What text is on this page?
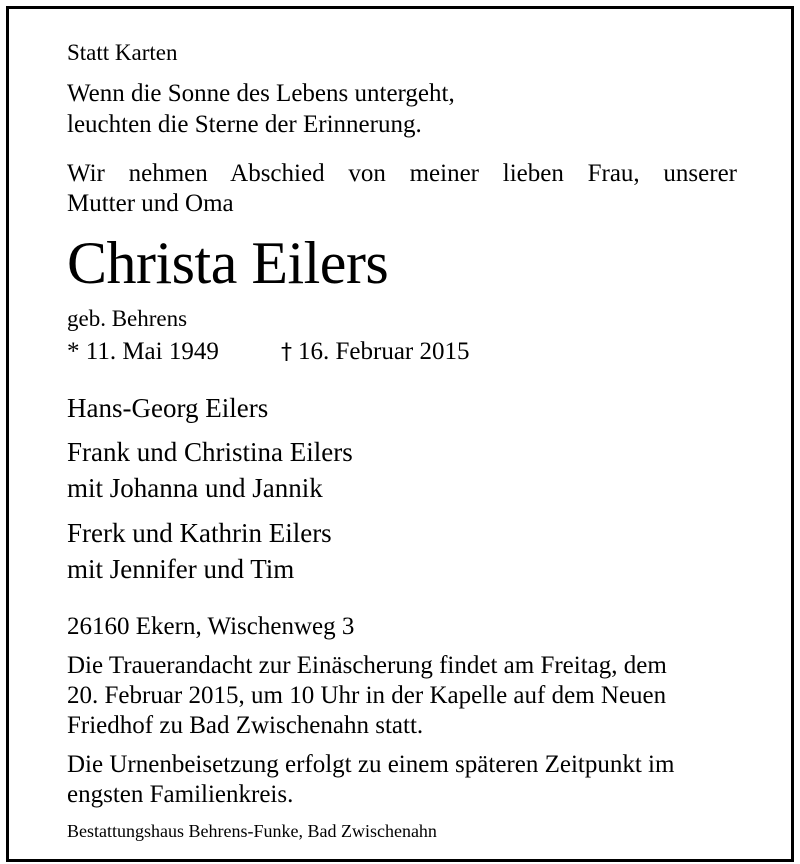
Statt Karten
Wenn die Sonne des Lebens untergeht,
leuchten die Sterne der Erinnerung.
Wir nehmen Abschied von meiner lieben Frau, unserer
Mutter und Oma
Christa Eilers
geb. Behrens
* 11. Mai 1949	† 16. Februar 2015
Hans-Georg Eilers
Frank und Christina Eilers
mit Johanna und Jannik
Frerk und Kathrin Eilers
mit Jennifer und Tim
26160 Ekern, Wischenweg 3
Die Trauerandacht zur Einäscherung findet am Freitag, dem
20. Februar 2015, um 10 Uhr in der Kapelle auf dem Neuen
Friedhof zu Bad Zwischenahn statt.
Die Urnenbeisetzung erfolgt zu einem späteren Zeitpunkt im
engsten Familienkreis.
Bestattungshaus Behrens-Funke, Bad Zwischenahn
